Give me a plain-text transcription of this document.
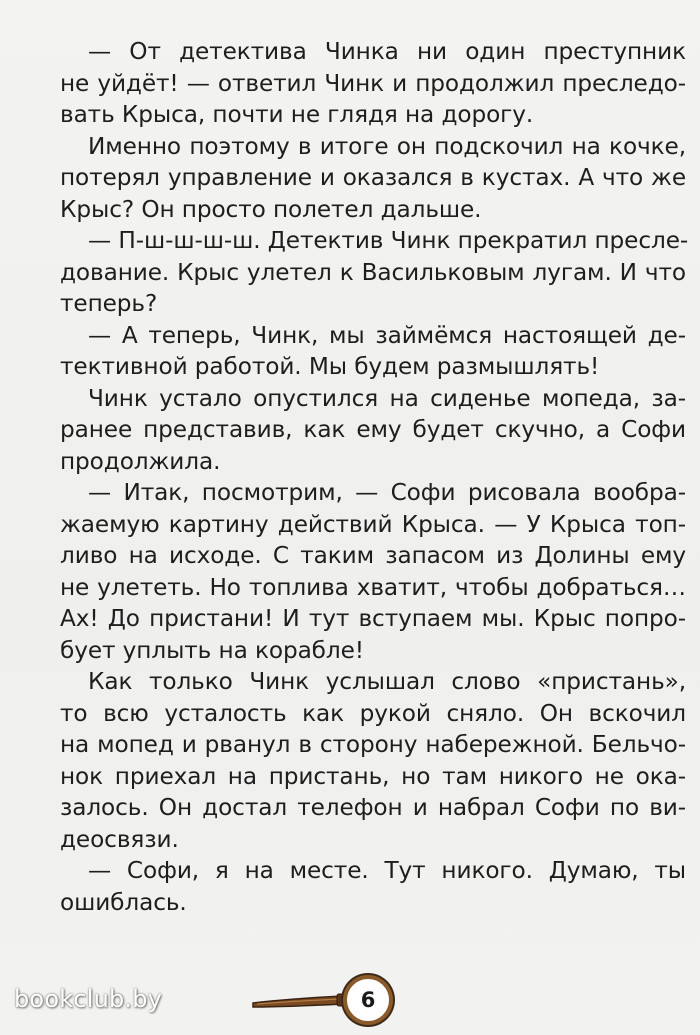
— От детектива Чинка ни один преступник
не уйдёт! — ответил Чинк и продолжил преследо-
вать Крыса, почти не глядя на дорогу.
Именно поэтому в итоге он подскочил на кочке,
потерял управление и оказался в кустах. А что же
Крыс? Он просто полетел дальше.
— П-ш-ш-ш-ш. Детектив Чинк прекратил пресле-
дование. Крыс улетел к Васильковым лугам. И что
теперь?
— А теперь, Чинк, мы займёмся настоящей де-
тективной работой. Мы будем размышлять!
Чинк устало опустился на сиденье мопеда, за-
ранее представив, как ему будет скучно, а Софи
продолжила.
— Итак, посмотрим, — Софи рисовала вообра-
жаемую картину действий Крыса. — У Крыса топ-
ливо на исходе. С таким запасом из Долины ему
не улететь. Но топлива хватит, чтобы добраться…
Ах! До пристани! И тут вступаем мы. Крыс попро-
бует уплыть на корабле!
Как только Чинк услышал слово «пристань»,
то всю усталость как рукой сняло. Он вскочил
на мопед и рванул в сторону набережной. Бельчо-
нок приехал на пристань, но там никого не ока-
залось. Он достал телефон и набрал Софи по ви-
деосвязи.
— Софи, я на месте. Тут никого. Думаю, ты
ошиблась.
6
bookclub.by
